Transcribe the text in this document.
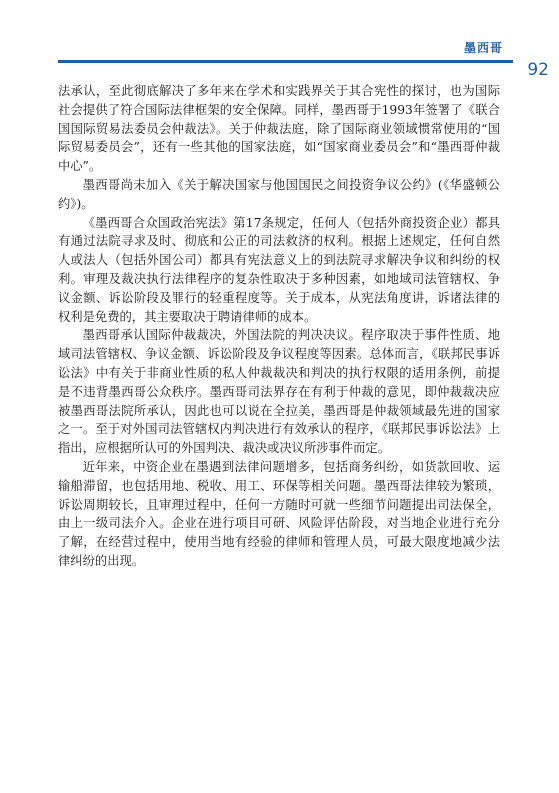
墨西哥
92

法承认，至此彻底解决了多年来在学术和实践界关于其合宪性的探讨，也为国际社会提供了符合国际法律框架的安全保障。同样，墨西哥于1993年签署了《联合国国际贸易法委员会仲裁法》。关于仲裁法庭，除了国际商业领域惯常使用的“国际贸易委员会”，还有一些其他的国家法庭，如“国家商业委员会”和“墨西哥仲裁中心”。

墨西哥尚未加入《关于解决国家与他国国民之间投资争议公约》(《华盛顿公约》)。

《墨西哥合众国政治宪法》第17条规定，任何人（包括外商投资企业）都具有通过法院寻求及时、彻底和公正的司法救济的权利。根据上述规定，任何自然人或法人（包括外国公司）都具有宪法意义上的到法院寻求解决争议和纠纷的权利。审理及裁决执行法律程序的复杂性取决于多种因素，如地域司法管辖权、争议金额、诉讼阶段及罪行的轻重程度等。关于成本，从宪法角度讲，诉诸法律的权利是免费的，其主要取决于聘请律师的成本。

墨西哥承认国际仲裁裁决，外国法院的判决决议。程序取决于事件性质、地域司法管辖权、争议金额、诉讼阶段及争议程度等因素。总体而言，《联邦民事诉讼法》中有关于非商业性质的私人仲裁裁决和判决的执行权限的适用条例，前提是不违背墨西哥公众秩序。墨西哥司法界存在有利于仲裁的意见，即仲裁裁决应被墨西哥法院所承认，因此也可以说在全拉美，墨西哥是仲裁领域最先进的国家之一。至于对外国司法管辖权内判决进行有效承认的程序，《联邦民事诉讼法》上指出，应根据所认可的外国判决、裁决或决议所涉事件而定。

近年来，中资企业在墨遇到法律问题增多，包括商务纠纷，如货款回收、运输船滞留，也包括用地、税收、用工、环保等相关问题。墨西哥法律较为繁琐，诉讼周期较长，且审理过程中，任何一方随时可就一些细节问题提出司法保全，由上一级司法介入。企业在进行项目可研、风险评估阶段，对当地企业进行充分了解，在经营过程中，使用当地有经验的律师和管理人员，可最大限度地减少法律纠纷的出现。
